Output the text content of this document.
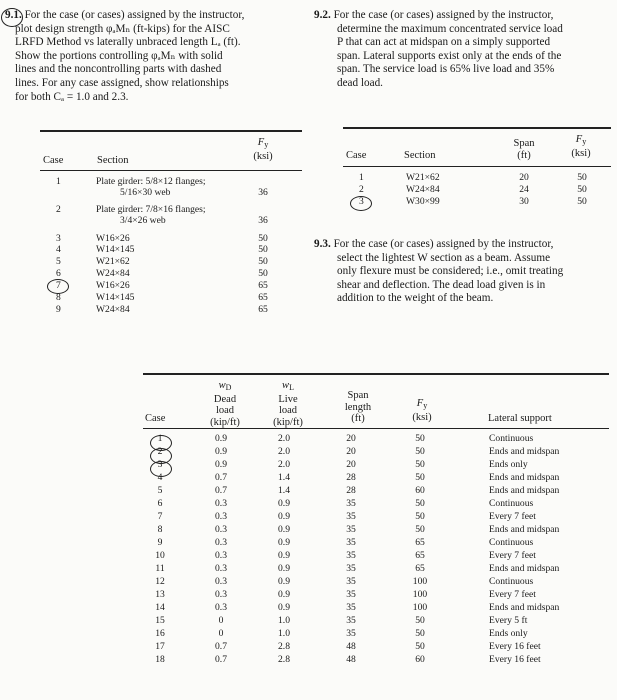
9.1. For the case (or cases) assigned by the instructor,
plot design strength φₐMₙ (ft-kips) for the AISC
LRFD Method vs laterally unbraced length Lₐ (ft).
Show the portions controlling φₐMₙ with solid
lines and the noncontrolling parts with dashed
lines. For any case assigned, show relationships
for both Cₐ = 1.0 and 2.3.
9.2. For the case (or cases) assigned by the instructor,
determine the maximum concentrated service load
P that can act at midspan on a simply supported
span. Lateral supports exist only at the ends of the
span. The service load is 65% live load and 35%
dead load.
Case	Section
$F_y$
(ksi)
1	Plate girder: 5/8×12 flanges;
5/16×30 web	36
2	Plate girder: 7/8×16 flanges;
3/4×26 web	36
3	W16×26	50
4	W14×145	50
5	W21×62	50
6	W24×84	50
7	W16×26	65
8	W14×145	65
9	W24×84	65
Case	Section
Span
(ft)
$F_y$
(ksi)
1	W21×62	20	50
2	W24×84	24	50
3	W30×99	30	50
9.3. For the case (or cases) assigned by the instructor,
select the lightest W section as a beam. Assume
only flexure must be considered; i.e., omit treating
shear and deflection. The dead load given is in
addition to the weight of the beam.
Case
$w_D$
Dead
load
(kip/ft)
$w_L$
Live
load
(kip/ft)
Span
length
(ft)
$F_y$
(ksi)	Lateral support
1	0.9	2.0	20	50	Continuous
2	0.9	2.0	20	50	Ends and midspan
3	0.9	2.0	20	50	Ends only
4	0.7	1.4	28	50	Ends and midspan
5	0.7	1.4	28	60	Ends and midspan
6	0.3	0.9	35	50	Continuous
7	0.3	0.9	35	50	Every 7 feet
8	0.3	0.9	35	50	Ends and midspan
9	0.3	0.9	35	65	Continuous
10	0.3	0.9	35	65	Every 7 feet
11	0.3	0.9	35	65	Ends and midspan
12	0.3	0.9	35	100	Continuous
13	0.3	0.9	35	100	Every 7 feet
14	0.3	0.9	35	100	Ends and midspan
15	0	1.0	35	50	Every 5 ft
16	0	1.0	35	50	Ends only
17	0.7	2.8	48	50	Every 16 feet
18	0.7	2.8	48	60	Every 16 feet
